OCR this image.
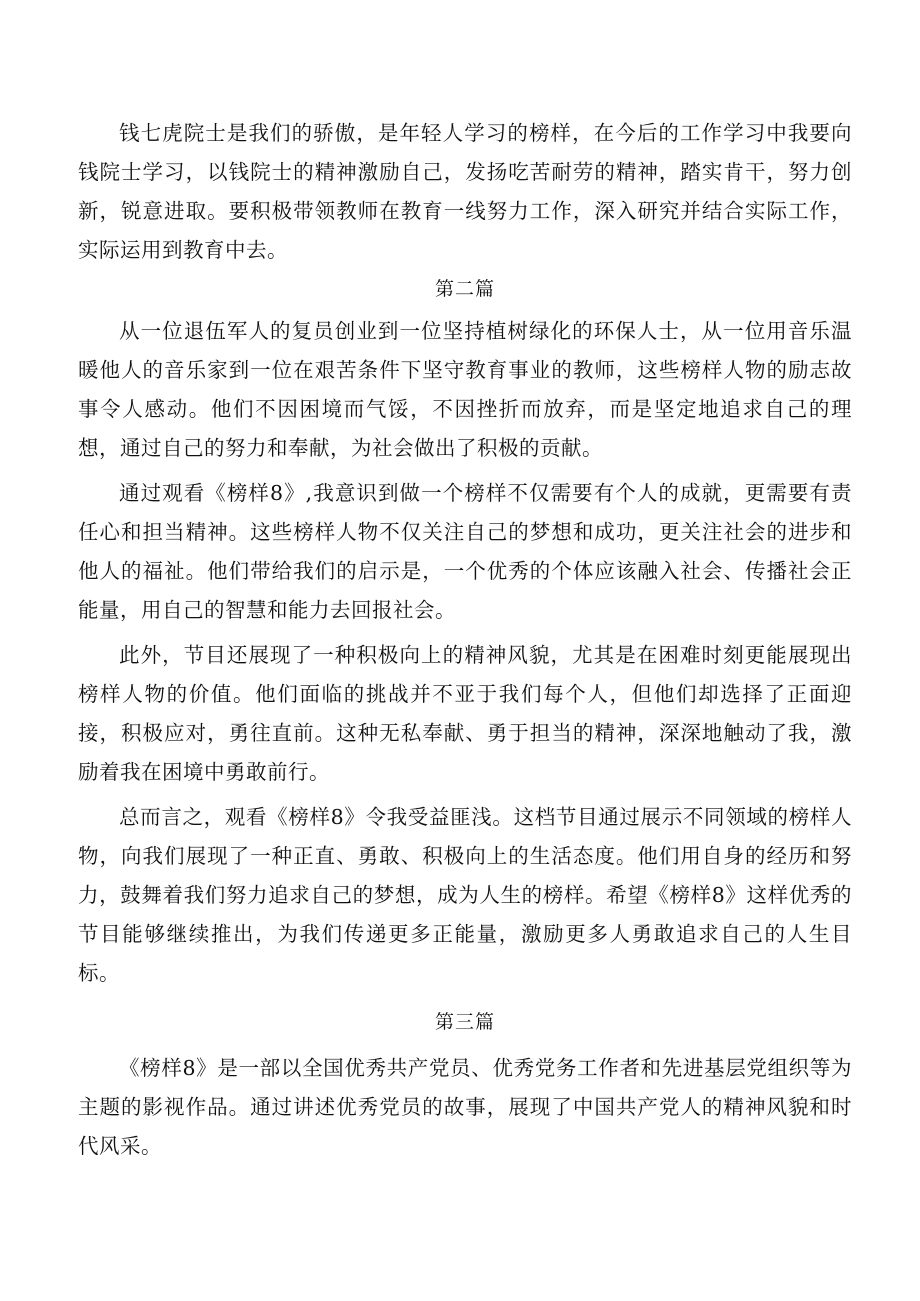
钱七虎院士是我们的骄傲，是年轻人学习的榜样，在今后的工作学习中我要向钱院士学习，以钱院士的精神激励自己，发扬吃苦耐劳的精神，踏实肯干，努力创新，锐意进取。要积极带领教师在教育一线努力工作，深入研究并结合实际工作，实际运用到教育中去。

第二篇

从一位退伍军人的复员创业到一位坚持植树绿化的环保人士，从一位用音乐温暖他人的音乐家到一位在艰苦条件下坚守教育事业的教师，这些榜样人物的励志故事令人感动。他们不因困境而气馁，不因挫折而放弃，而是坚定地追求自己的理想，通过自己的努力和奉献，为社会做出了积极的贡献。

通过观看《榜样8》,我意识到做一个榜样不仅需要有个人的成就，更需要有责任心和担当精神。这些榜样人物不仅关注自己的梦想和成功，更关注社会的进步和他人的福祉。他们带给我们的启示是，一个优秀的个体应该融入社会、传播社会正能量，用自己的智慧和能力去回报社会。

此外，节目还展现了一种积极向上的精神风貌，尤其是在困难时刻更能展现出榜样人物的价值。他们面临的挑战并不亚于我们每个人，但他们却选择了正面迎接，积极应对，勇往直前。这种无私奉献、勇于担当的精神，深深地触动了我，激励着我在困境中勇敢前行。

总而言之，观看《榜样8》令我受益匪浅。这档节目通过展示不同领域的榜样人物，向我们展现了一种正直、勇敢、积极向上的生活态度。他们用自身的经历和努力，鼓舞着我们努力追求自己的梦想，成为人生的榜样。希望《榜样8》这样优秀的节目能够继续推出，为我们传递更多正能量，激励更多人勇敢追求自己的人生目标。

第三篇

《榜样8》是一部以全国优秀共产党员、优秀党务工作者和先进基层党组织等为主题的影视作品。通过讲述优秀党员的故事，展现了中国共产党人的精神风貌和时代风采。
